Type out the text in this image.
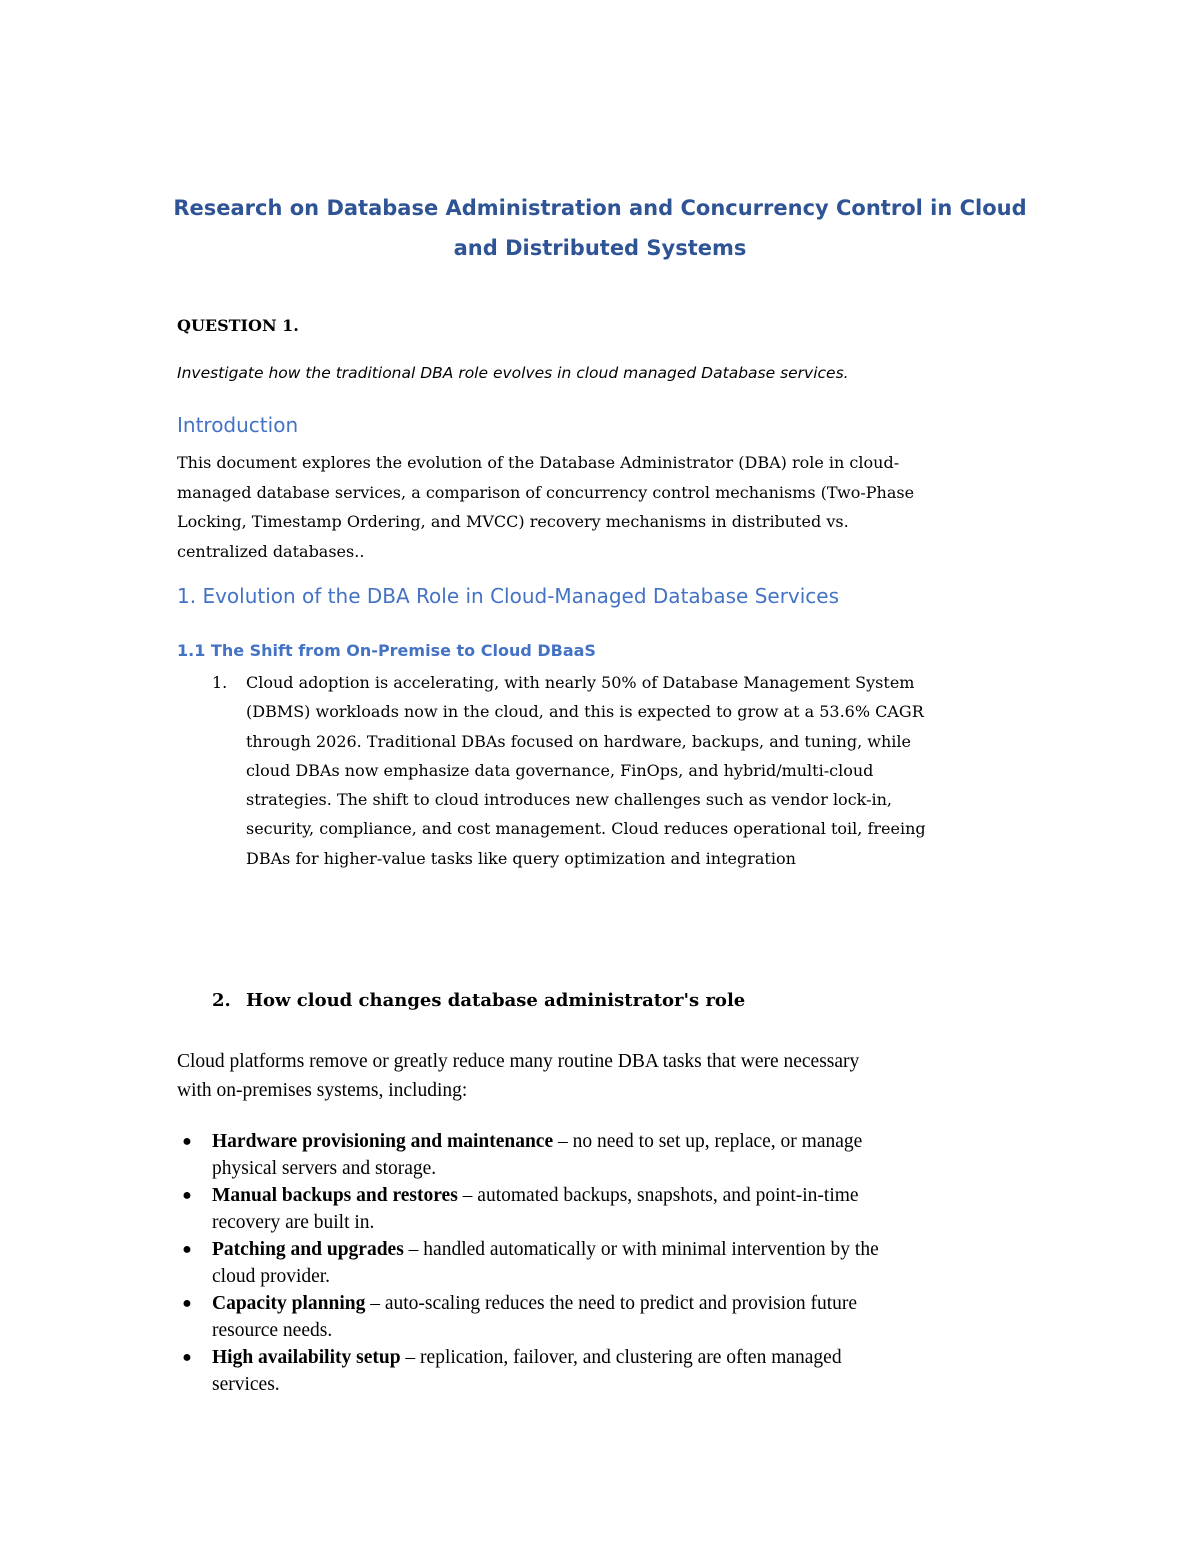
Research on Database Administration and Concurrency Control in Cloud
and Distributed Systems
QUESTION 1.
Investigate how the traditional DBA role evolves in cloud managed Database services.
Introduction
This document explores the evolution of the Database Administrator (DBA) role in cloud-
managed database services, a comparison of concurrency control mechanisms (Two-Phase
Locking, Timestamp Ordering, and MVCC) recovery mechanisms in distributed vs.
centralized databases..
1. Evolution of the DBA Role in Cloud-Managed Database Services
1.1 The Shift from On-Premise to Cloud DBaaS
1. Cloud adoption is accelerating, with nearly 50% of Database Management System
(DBMS) workloads now in the cloud, and this is expected to grow at a 53.6% CAGR
through 2026. Traditional DBAs focused on hardware, backups, and tuning, while
cloud DBAs now emphasize data governance, FinOps, and hybrid/multi-cloud
strategies. The shift to cloud introduces new challenges such as vendor lock-in,
security, compliance, and cost management. Cloud reduces operational toil, freeing
DBAs for higher-value tasks like query optimization and integration
2. How cloud changes database administrator's role
Cloud platforms remove or greatly reduce many routine DBA tasks that were necessary
with on-premises systems, including:
● Hardware provisioning and maintenance – no need to set up, replace, or manage
physical servers and storage.
● Manual backups and restores – automated backups, snapshots, and point-in-time
recovery are built in.
● Patching and upgrades – handled automatically or with minimal intervention by the
cloud provider.
● Capacity planning – auto-scaling reduces the need to predict and provision future
resource needs.
● High availability setup – replication, failover, and clustering are often managed
services.
